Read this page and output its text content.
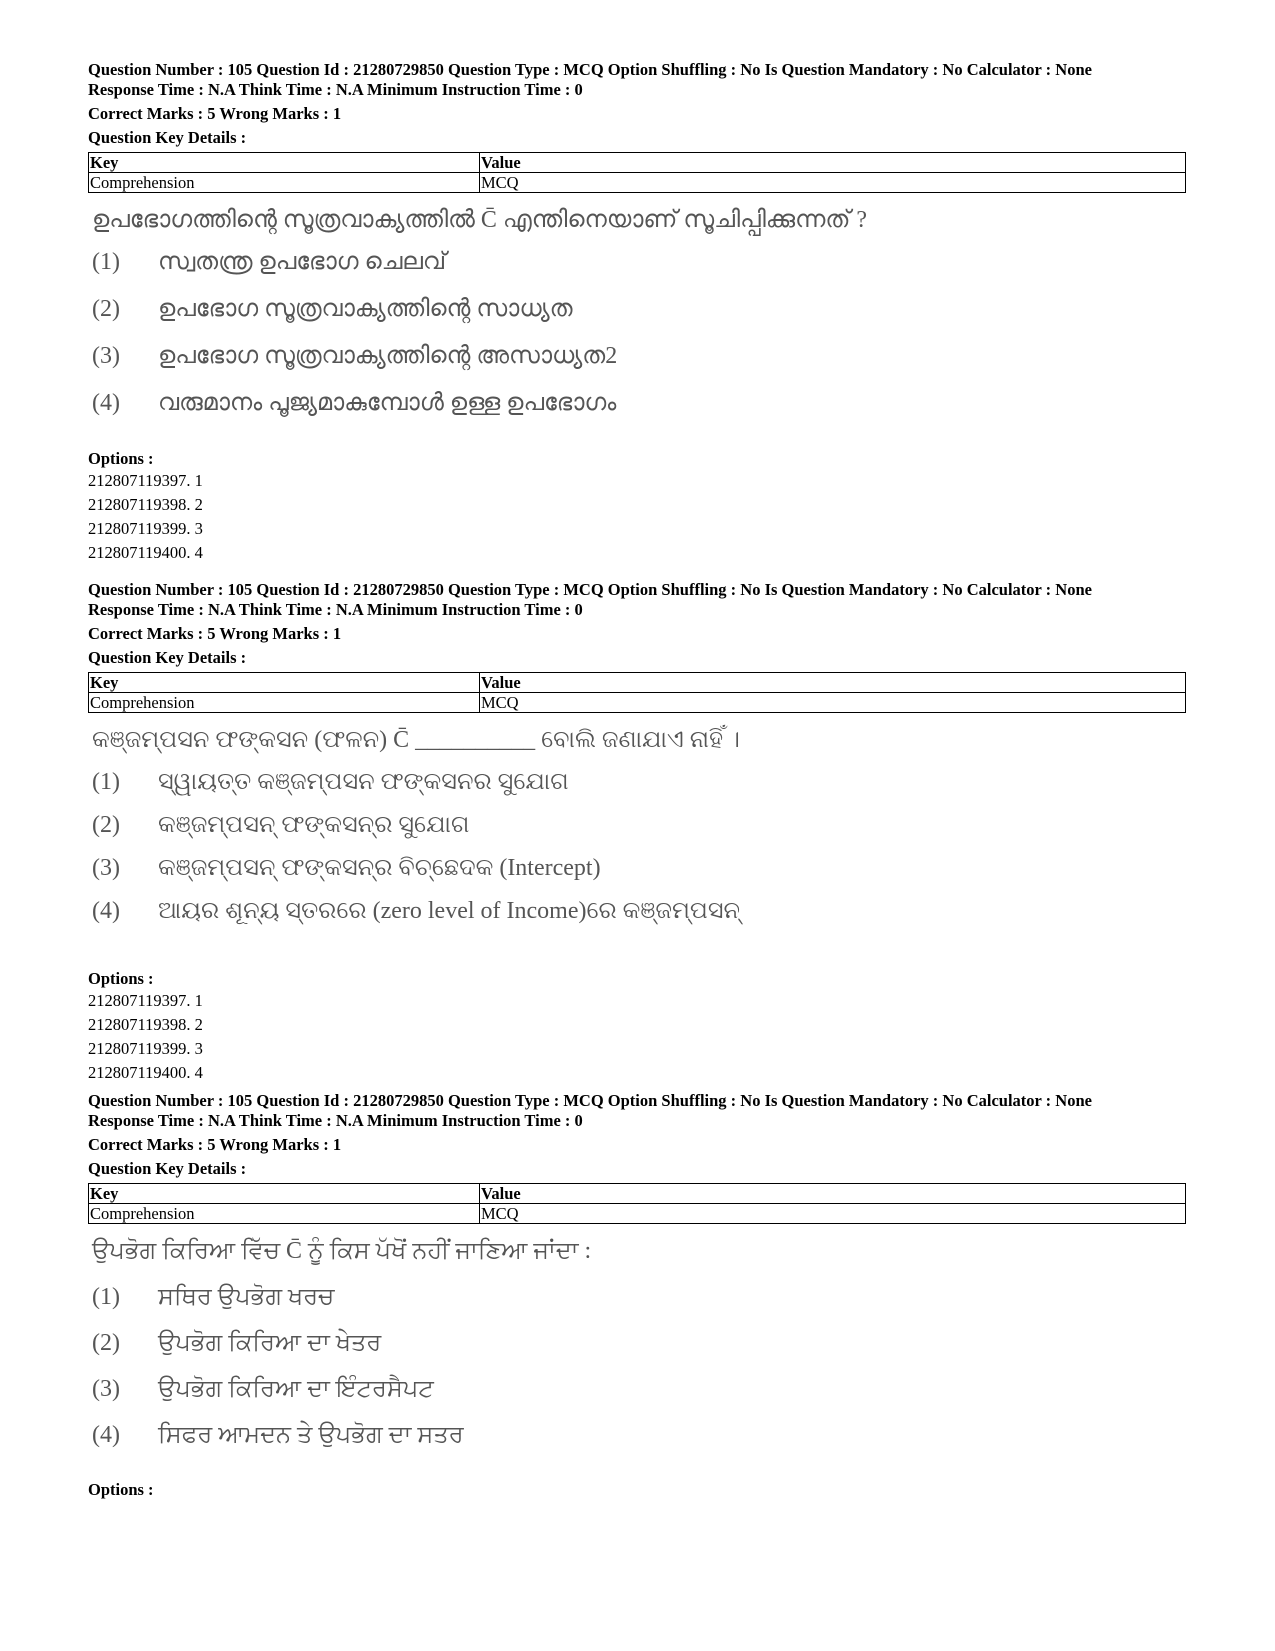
Question Number : 105 Question Id : 21280729850 Question Type : MCQ Option Shuffling : No Is Question Mandatory : No Calculator : None
Response Time : N.A Think Time : N.A Minimum Instruction Time : 0
Correct Marks : 5 Wrong Marks : 1
Question Key Details :
Key	Value
Comprehension	MCQ
ഉപഭോഗത്തിന്റെ സൂത്രവാക്യത്തിൽ C̄ എന്തിനെയാണ് സൂചിപ്പിക്കുന്നത് ?
(1) സ്വതന്ത്ര ഉപഭോഗ ചെലവ്
(2) ഉപഭോഗ സൂത്രവാക്യത്തിന്റെ സാധ്യത
(3) ഉപഭോഗ സൂത്രവാക്യത്തിന്റെ അസാധ്യത2
(4) വരുമാനം പൂജ്യമാകുമ്പോൾ ഉള്ള ഉപഭോഗം
Options :
212807119397. 1
212807119398. 2
212807119399. 3
212807119400. 4
Question Number : 105 Question Id : 21280729850 Question Type : MCQ Option Shuffling : No Is Question Mandatory : No Calculator : None
Response Time : N.A Think Time : N.A Minimum Instruction Time : 0
Correct Marks : 5 Wrong Marks : 1
Question Key Details :
Key	Value
Comprehension	MCQ
କଞ୍ଜମ୍ପସନ ଫଙ୍କସନ (ଫଳନ) C̄ __________ ବୋଲି ଜଣାଯାଏ ନାହିଁ ।
(1) ସ୍ୱାୟତ୍ତ କଞ୍ଜମ୍ପସନ ଫଙ୍କସନର ସୁଯୋଗ
(2) କଞ୍ଜମ୍ପସନ୍ ଫଙ୍କସନ୍‌ର ସୁଯୋଗ
(3) କଞ୍ଜମ୍ପସନ୍ ଫଙ୍କସନ୍‌ର ବିଚ୍ଛେଦକ (Intercept)
(4) ଆୟର ଶୂନ୍ୟ ସ୍ତରରେ (zero level of Income)ରେ କଞ୍ଜମ୍ପସନ୍
Options :
212807119397. 1
212807119398. 2
212807119399. 3
212807119400. 4
Question Number : 105 Question Id : 21280729850 Question Type : MCQ Option Shuffling : No Is Question Mandatory : No Calculator : None
Response Time : N.A Think Time : N.A Minimum Instruction Time : 0
Correct Marks : 5 Wrong Marks : 1
Question Key Details :
Key	Value
Comprehension	MCQ
ਉਪਭੋਗ ਕਿਰਿਆ ਵਿੱਚ C̄ ਨੂੰ ਕਿਸ ਪੱਖੋਂ ਨਹੀਂ ਜਾਣਿਆ ਜਾਂਦਾ :
(1) ਸਥਿਰ ਉਪਭੋਗ ਖਰਚ
(2) ਉਪਭੋਗ ਕਿਰਿਆ ਦਾ ਖੇਤਰ
(3) ਉਪਭੋਗ ਕਿਰਿਆ ਦਾ ਇੰਟਰਸੈਪਟ
(4) ਸਿਫਰ ਆਮਦਨ ਤੇ ਉਪਭੋਗ ਦਾ ਸਤਰ
Options :
